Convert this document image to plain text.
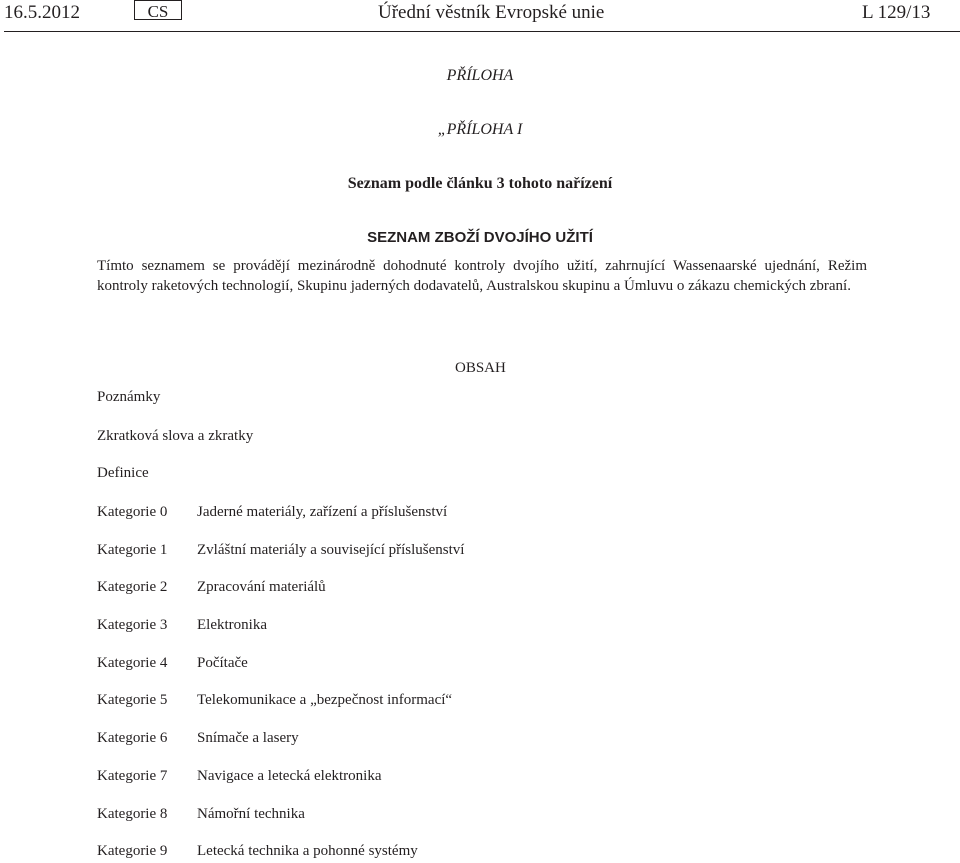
16.5.2012	CS	Úřední věstník Evropské unie	L 129/13
PŘÍLOHA
„PŘÍLOHA I
Seznam podle článku 3 tohoto nařízení
SEZNAM ZBOŽÍ DVOJÍHO UŽITÍ
Tímto seznamem se provádějí mezinárodně dohodnuté kontroly dvojího užití, zahrnující Wassenaarské ujednání, Režim kontroly raketových technologií, Skupinu jaderných dodavatelů, Australskou skupinu a Úmluvu o zákazu chemických zbraní.
OBSAH
Poznámky
Zkratková slova a zkratky
Definice
Kategorie 0 Jaderné materiály, zařízení a příslušenství
Kategorie 1 Zvláštní materiály a související příslušenství
Kategorie 2 Zpracování materiálů
Kategorie 3 Elektronika
Kategorie 4 Počítače
Kategorie 5 Telekomunikace a „bezpečnost informací“
Kategorie 6 Snímače a lasery
Kategorie 7 Navigace a letecká elektronika
Kategorie 8 Námořní technika
Kategorie 9 Letecká technika a pohonné systémy
